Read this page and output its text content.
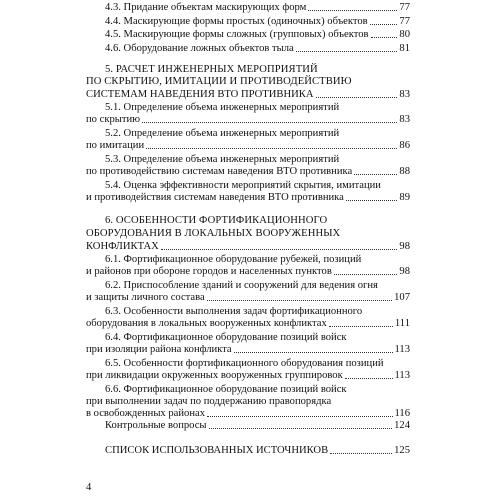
4.3. Придание объектам маскирующих форм	77
4.4. Маскирующие формы простых (одиночных) объектов	77
4.5. Маскирующие формы сложных (групповых) объектов	80
4.6. Оборудование ложных объектов тыла	81
5. РАСЧЕТ ИНЖЕНЕРНЫХ МЕРОПРИЯТИЙ
ПО СКРЫТИЮ, ИМИТАЦИИ И ПРОТИВОДЕЙСТВИЮ
СИСТЕМАМ НАВЕДЕНИЯ ВТО ПРОТИВНИКА	83
5.1. Определение объема инженерных мероприятий
по скрытию	83
5.2. Определение объема инженерных мероприятий
по имитации	86
5.3. Определение объема инженерных мероприятий
по противодействию системам наведения ВТО противника	88
5.4. Оценка эффективности мероприятий скрытия, имитации
и противодействия системам наведения ВТО противника	89
6. ОСОБЕННОСТИ ФОРТИФИКАЦИОННОГО
ОБОРУДОВАНИЯ В ЛОКАЛЬНЫХ ВООРУЖЕННЫХ
КОНФЛИКТАХ	98
6.1. Фортификационное оборудование рубежей, позиций
и районов при обороне городов и населенных пунктов	98
6.2. Приспособление зданий и сооружений для ведения огня
и защиты личного состава	107
6.3. Особенности выполнения задач фортификационного
оборудования в локальных вооруженных конфликтах	111
6.4. Фортификационное оборудование позиций войск
при изоляции района конфликта	113
6.5. Особенности фортификационного оборудования позиций
при ликвидации окруженных вооруженных группировок	113
6.6. Фортификационное оборудование позиций войск
при выполнении задач по поддержанию правопорядка
в освобожденных районах	116
Контрольные вопросы	124
СПИСОК ИСПОЛЬЗОВАННЫХ ИСТОЧНИКОВ	125
4
